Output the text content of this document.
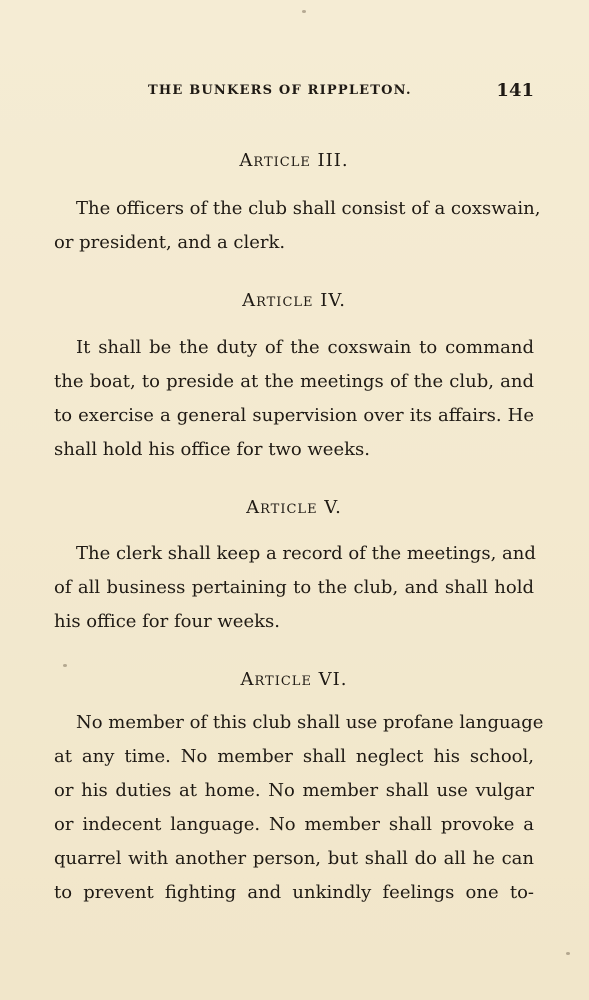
THE BUNKERS OF RIPPLETON.	141
Article III.
The officers of the club shall consist of a coxswain,
or president, and a clerk.
Article IV.
It shall be the duty of the coxswain to command
the boat, to preside at the meetings of the club, and
to exercise a general supervision over its affairs. He
shall hold his office for two weeks.
Article V.
The clerk shall keep a record of the meetings, and
of all business pertaining to the club, and shall hold
his office for four weeks.
Article VI.
No member of this club shall use profane language
at any time. No member shall neglect his school,
or his duties at home. No member shall use vulgar
or indecent language. No member shall provoke a
quarrel with another person, but shall do all he can
to prevent fighting and unkindly feelings one to-
